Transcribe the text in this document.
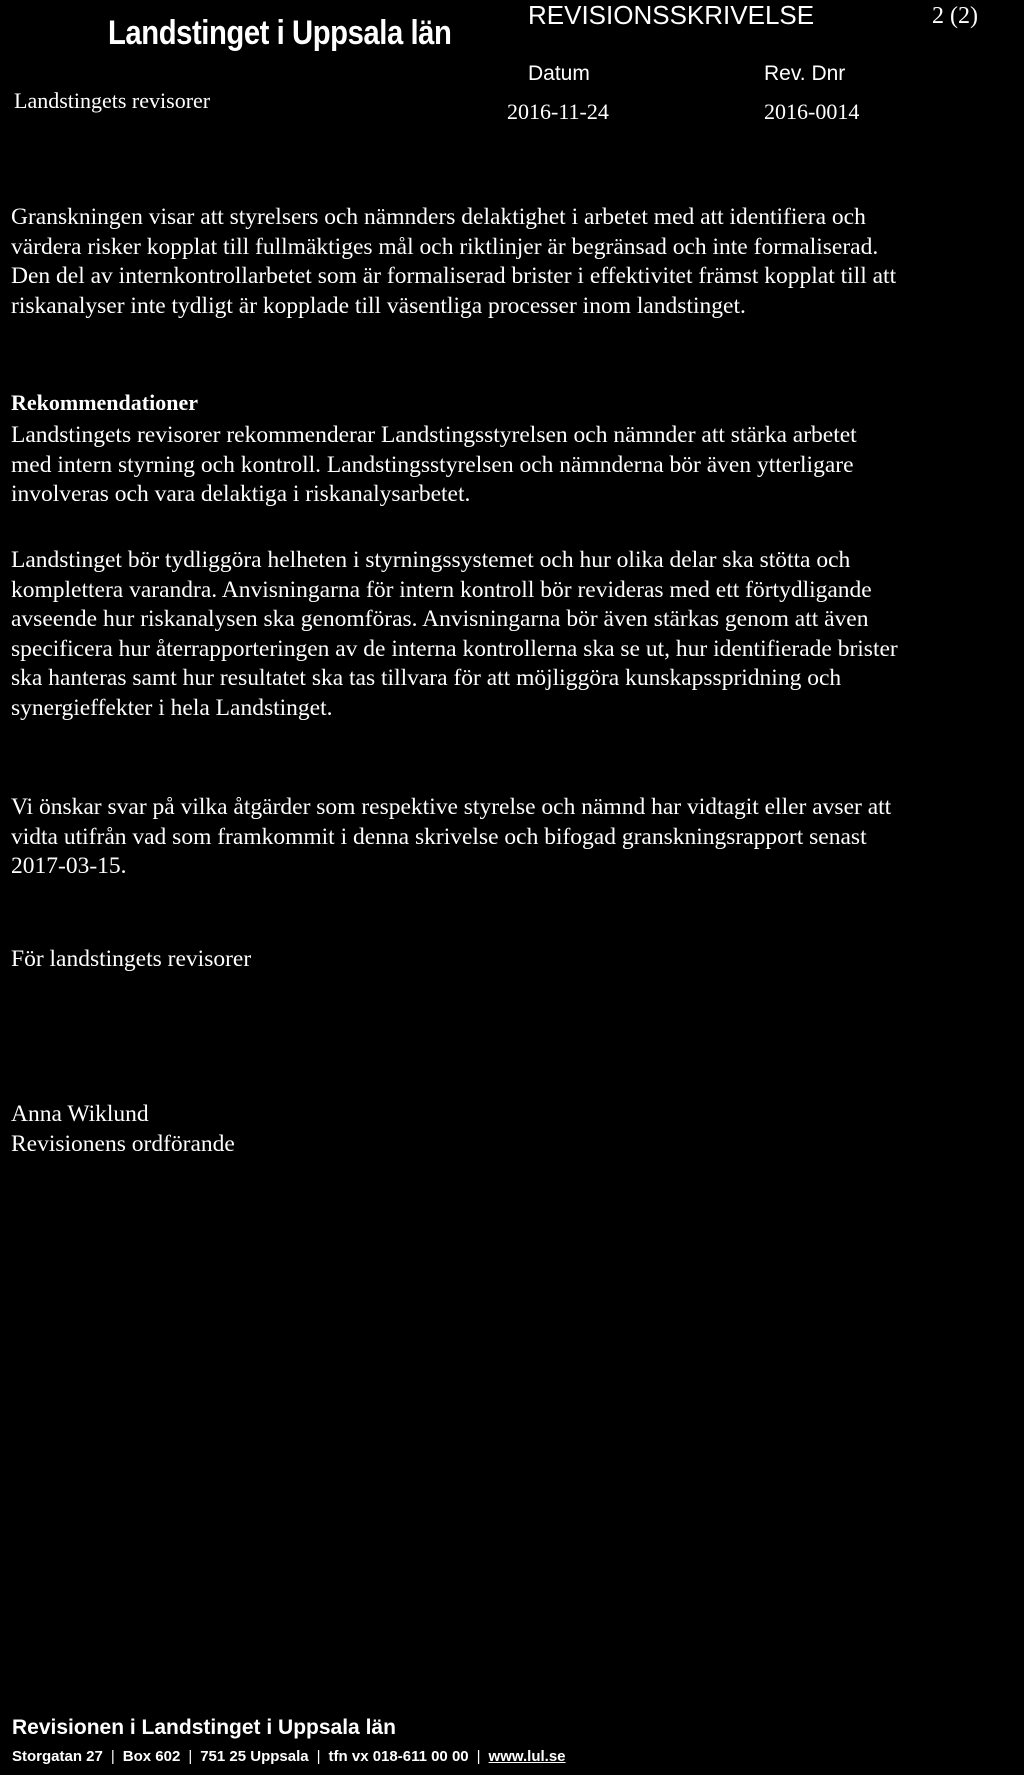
Landstinget i Uppsala län
Landstingets revisorer
REVISIONSSKRIVELSE	2 (2)
Datum
2016-11-24
Rev. Dnr
2016-0014
Granskningen visar att styrelsers och nämnders delaktighet i arbetet med att identifiera och
värdera risker kopplat till fullmäktiges mål och riktlinjer är begränsad och inte formaliserad.
Den del av internkontrollarbetet som är formaliserad brister i effektivitet främst kopplat till att
riskanalyser inte tydligt är kopplade till väsentliga processer inom landstinget.
Rekommendationer
Landstingets revisorer rekommenderar Landstingsstyrelsen och nämnder att stärka arbetet
med intern styrning och kontroll. Landstingsstyrelsen och nämnderna bör även ytterligare
involveras och vara delaktiga i riskanalysarbetet.
Landstinget bör tydliggöra helheten i styrningssystemet och hur olika delar ska stötta och
komplettera varandra. Anvisningarna för intern kontroll bör revideras med ett förtydligande
avseende hur riskanalysen ska genomföras. Anvisningarna bör även stärkas genom att även
specificera hur återrapporteringen av de interna kontrollerna ska se ut, hur identifierade brister
ska hanteras samt hur resultatet ska tas tillvara för att möjliggöra kunskapsspridning och
synergieffekter i hela Landstinget.
Vi önskar svar på vilka åtgärder som respektive styrelse och nämnd har vidtagit eller avser att
vidta utifrån vad som framkommit i denna skrivelse och bifogad granskningsrapport senast
2017-03-15.
För landstingets revisorer
Anna Wiklund
Revisionens ordförande
Revisionen i Landstinget i Uppsala län
Storgatan 27 | Box 602 | 751 25 Uppsala | tfn vx 018-611 00 00 | www.lul.se
